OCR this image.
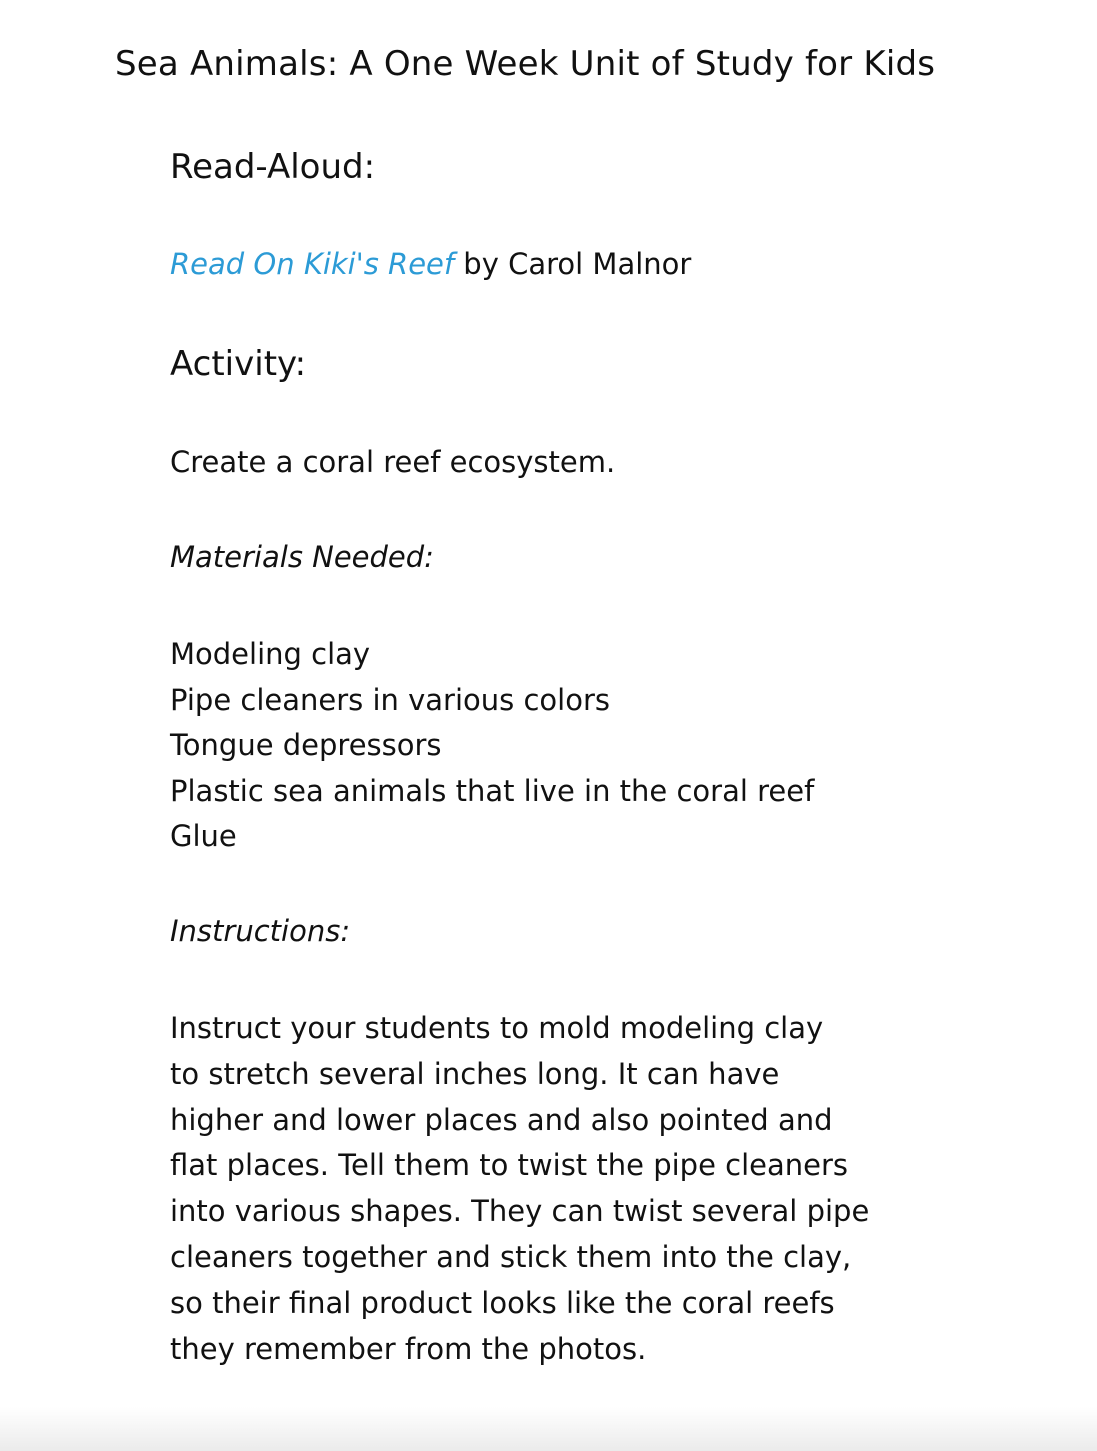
Sea Animals: A One Week Unit of Study for Kids
Read-Aloud:
Read On Kiki's Reef by Carol Malnor
Activity:
Create a coral reef ecosystem.
Materials Needed:
Modeling clay
Pipe cleaners in various colors
Tongue depressors
Plastic sea animals that live in the coral reef
Glue
Instructions:
Instruct your students to mold modeling clay
to stretch several inches long. It can have
higher and lower places and also pointed and
flat places. Tell them to twist the pipe cleaners
into various shapes. They can twist several pipe
cleaners together and stick them into the clay,
so their final product looks like the coral reefs
they remember from the photos.
